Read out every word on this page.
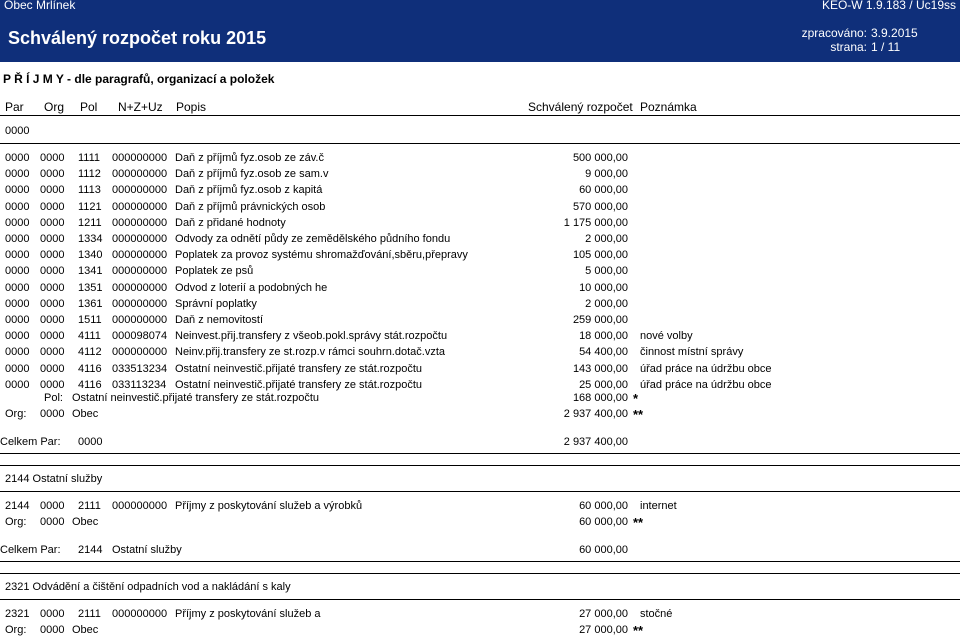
Obec Mrlínek	KEO-W 1.9.183 / Uc19ss
Schválený rozpočet roku 2015	zpracováno: 3.9.2015
strana: 1 / 11
P Ř Í J M Y - dle paragrafů, organizací a položek
Par Org Pol N+Z+Uz Popis	Schválený rozpočet Poznámka
0000
0000 0000 1111 000000000 Daň z příjmů fyz.osob ze záv.č	500 000,00
0000 0000 1112 000000000 Daň z příjmů fyz.osob ze sam.v	9 000,00
0000 0000 1113 000000000 Daň z příjmů fyz.osob z kapitá	60 000,00
0000 0000 1121 000000000 Daň z příjmů právnických osob	570 000,00
0000 0000 1211 000000000 Daň z přidané hodnoty	1 175 000,00
0000 0000 1334 000000000 Odvody za odnětí půdy ze zemědělského půdního fondu	2 000,00
0000 0000 1340 000000000 Poplatek za provoz systému shromažďování,sběru,přepravy	105 000,00
0000 0000 1341 000000000 Poplatek ze psů	5 000,00
0000 0000 1351 000000000 Odvod z loterií a podobných he	10 000,00
0000 0000 1361 000000000 Správní poplatky	2 000,00
0000 0000 1511 000000000 Daň z nemovitostí	259 000,00
0000 0000 4111 000098074 Neinvest.přij.transfery z všeob.pokl.správy stát.rozpočtu	18 000,00 nové volby
0000 0000 4112 000000000 Neinv.přij.transfery ze st.rozp.v rámci souhrn.dotač.vzta	54 400,00 činnost místní správy
0000 0000 4116 033513234 Ostatní neinvestič.přijaté transfery ze stát.rozpočtu	143 000,00 úřad práce na údržbu obce
0000 0000 4116 033113234 Ostatní neinvestič.přijaté transfery ze stát.rozpočtu	25 000,00 úřad práce na údržbu obce
Pol: Ostatní neinvestič.přijaté transfery ze stát.rozpočtu	168 000,00 *
Org: 0000 Obec	2 937 400,00 **
Celkem Par: 0000	2 937 400,00
2144 Ostatní služby
2144 0000 2111 000000000 Příjmy z poskytování služeb a výrobků	60 000,00 internet
Org: 0000 Obec	60 000,00 **
Celkem Par: 2144 Ostatní služby	60 000,00
2321 Odvádění a čištění odpadních vod a nakládání s kaly
2321 0000 2111 000000000 Příjmy z poskytování služeb a	27 000,00 stočné
Org: 0000 Obec	27 000,00 **
